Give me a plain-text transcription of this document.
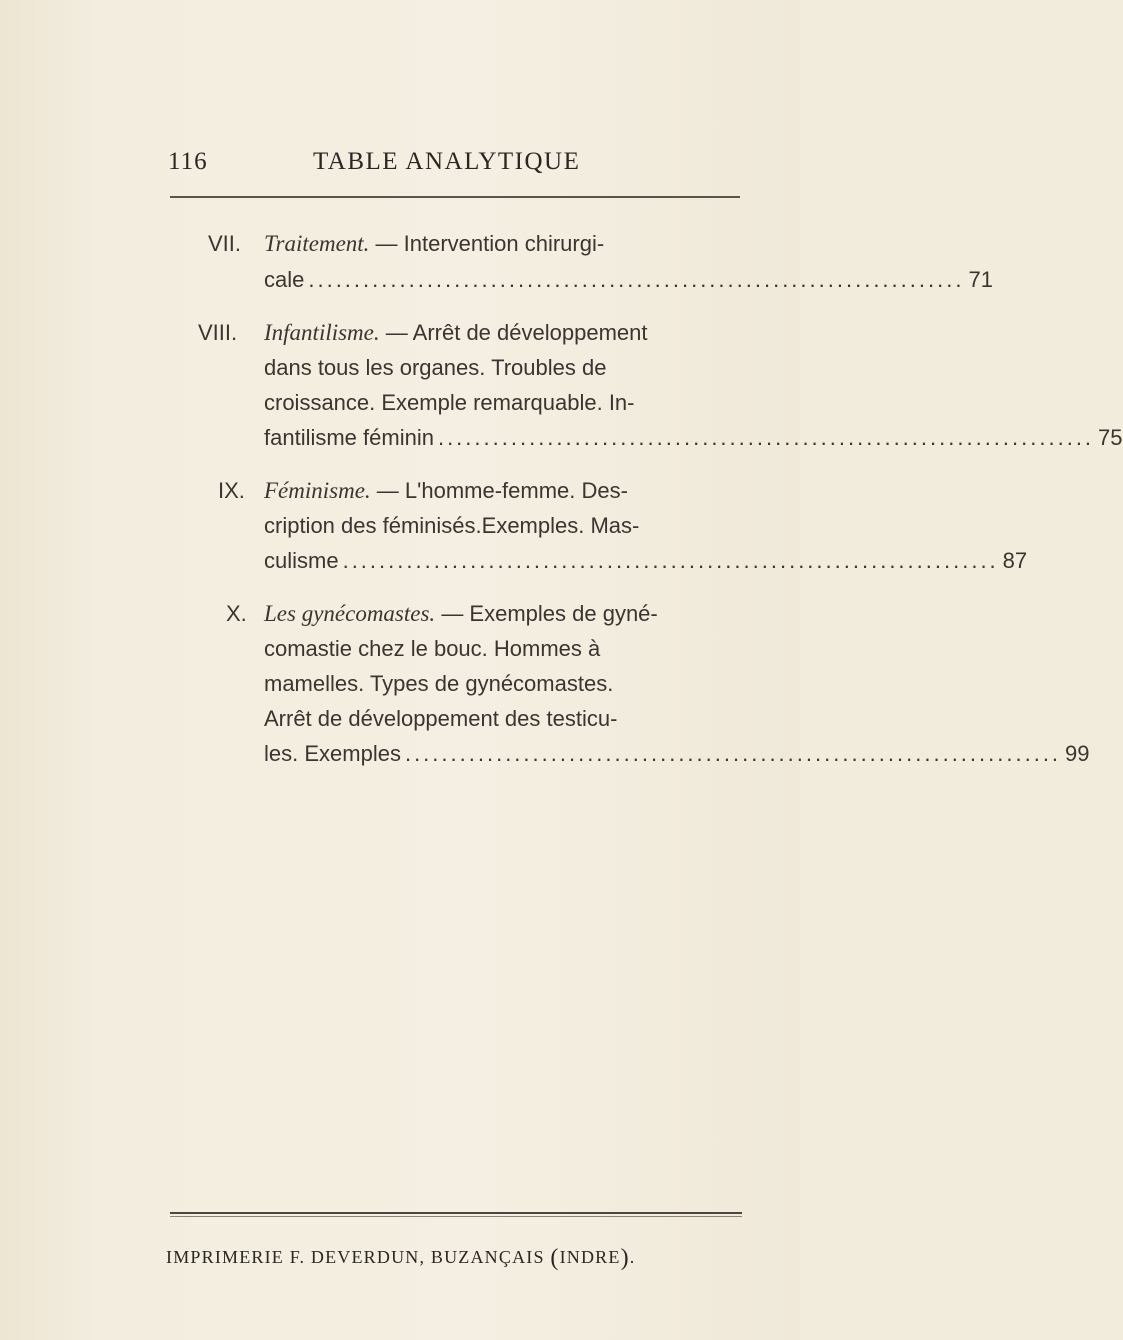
116	TABLE ANALYTIQUE
VII. Traitement. — Intervention chirurgi-
cale ........................................................................ 71
VIII. Infantilisme. — Arrêt de développement
dans tous les organes. Troubles de
croissance. Exemple remarquable. In-
fantilisme féminin ........................................................................ 75
IX. Féminisme. — L'homme-femme. Des-
cription des féminisés.Exemples. Mas-
culisme ........................................................................ 87
X. Les gynécomastes. — Exemples de gyné-
comastie chez le bouc. Hommes à
mamelles. Types de gynécomastes.
Arrêt de développement des testicu-
les. Exemples ........................................................................ 99
IMPRIMERIE F. DEVERDUN, BUZANÇAIS (INDRE).
